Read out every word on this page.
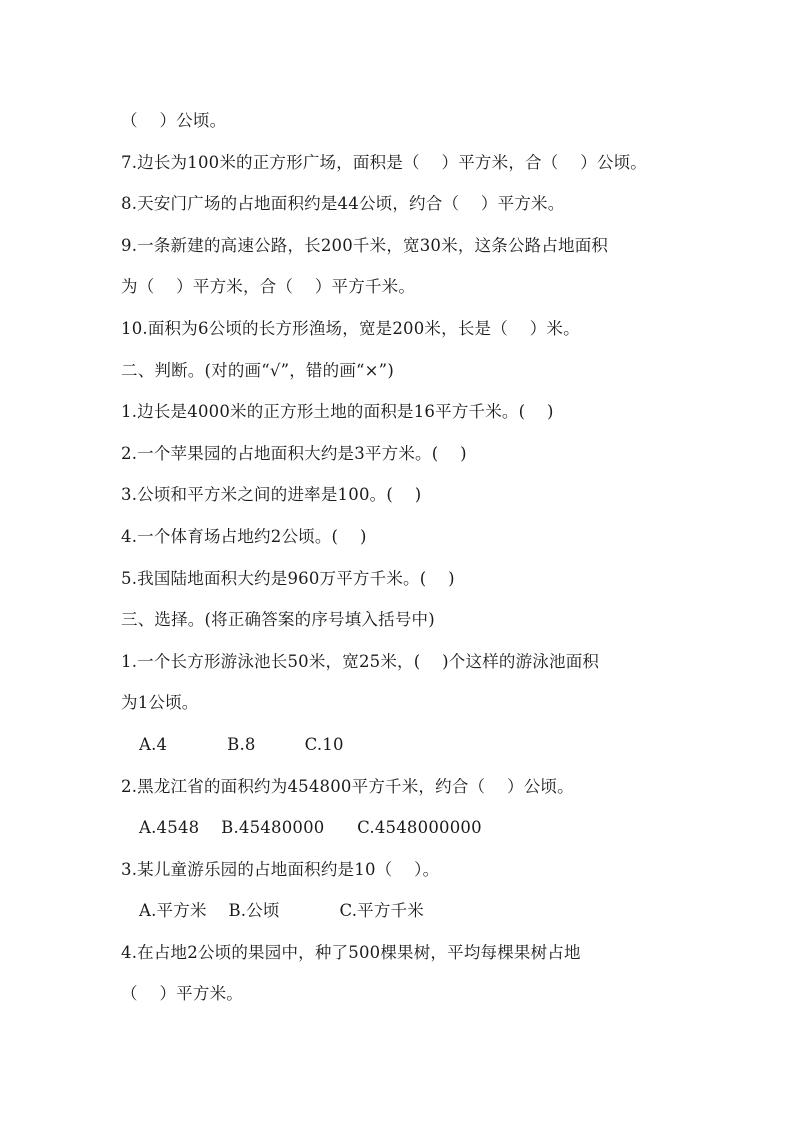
（    ）公顷。
7.边长为100米的正方形广场，面积是（    ）平方米，合（    ）公顷。
8.天安门广场的占地面积约是44公顷，约合（    ）平方米。
9.一条新建的高速公路，长200千米，宽30米，这条公路占地面积
为（    ）平方米，合（    ）平方千米。
10.面积为6公顷的长方形渔场，宽是200米，长是（    ）米。
二、判断。(对的画“√”，错的画“×”)
1.边长是4000米的正方形土地的面积是16平方千米。(    )
2.一个苹果园的占地面积大约是3平方米。(    )
3.公顷和平方米之间的进率是100。(    )
4.一个体育场占地约2公顷。(    )
5.我国陆地面积大约是960万平方千米。(    )
三、选择。(将正确答案的序号填入括号中)
1.一个长方形游泳池长50米，宽25米，(    )个这样的游泳池面积
为1公顷。
A.4           B.8         C.10
2.黑龙江省的面积约为454800平方千米，约合（    ）公顷。
A.4548    B.45480000      C.4548000000
3.某儿童游乐园的占地面积约是10（    ）。
A.平方米    B.公顷           C.平方千米
4.在占地2公顷的果园中，种了500棵果树，平均每棵果树占地
（    ）平方米。
